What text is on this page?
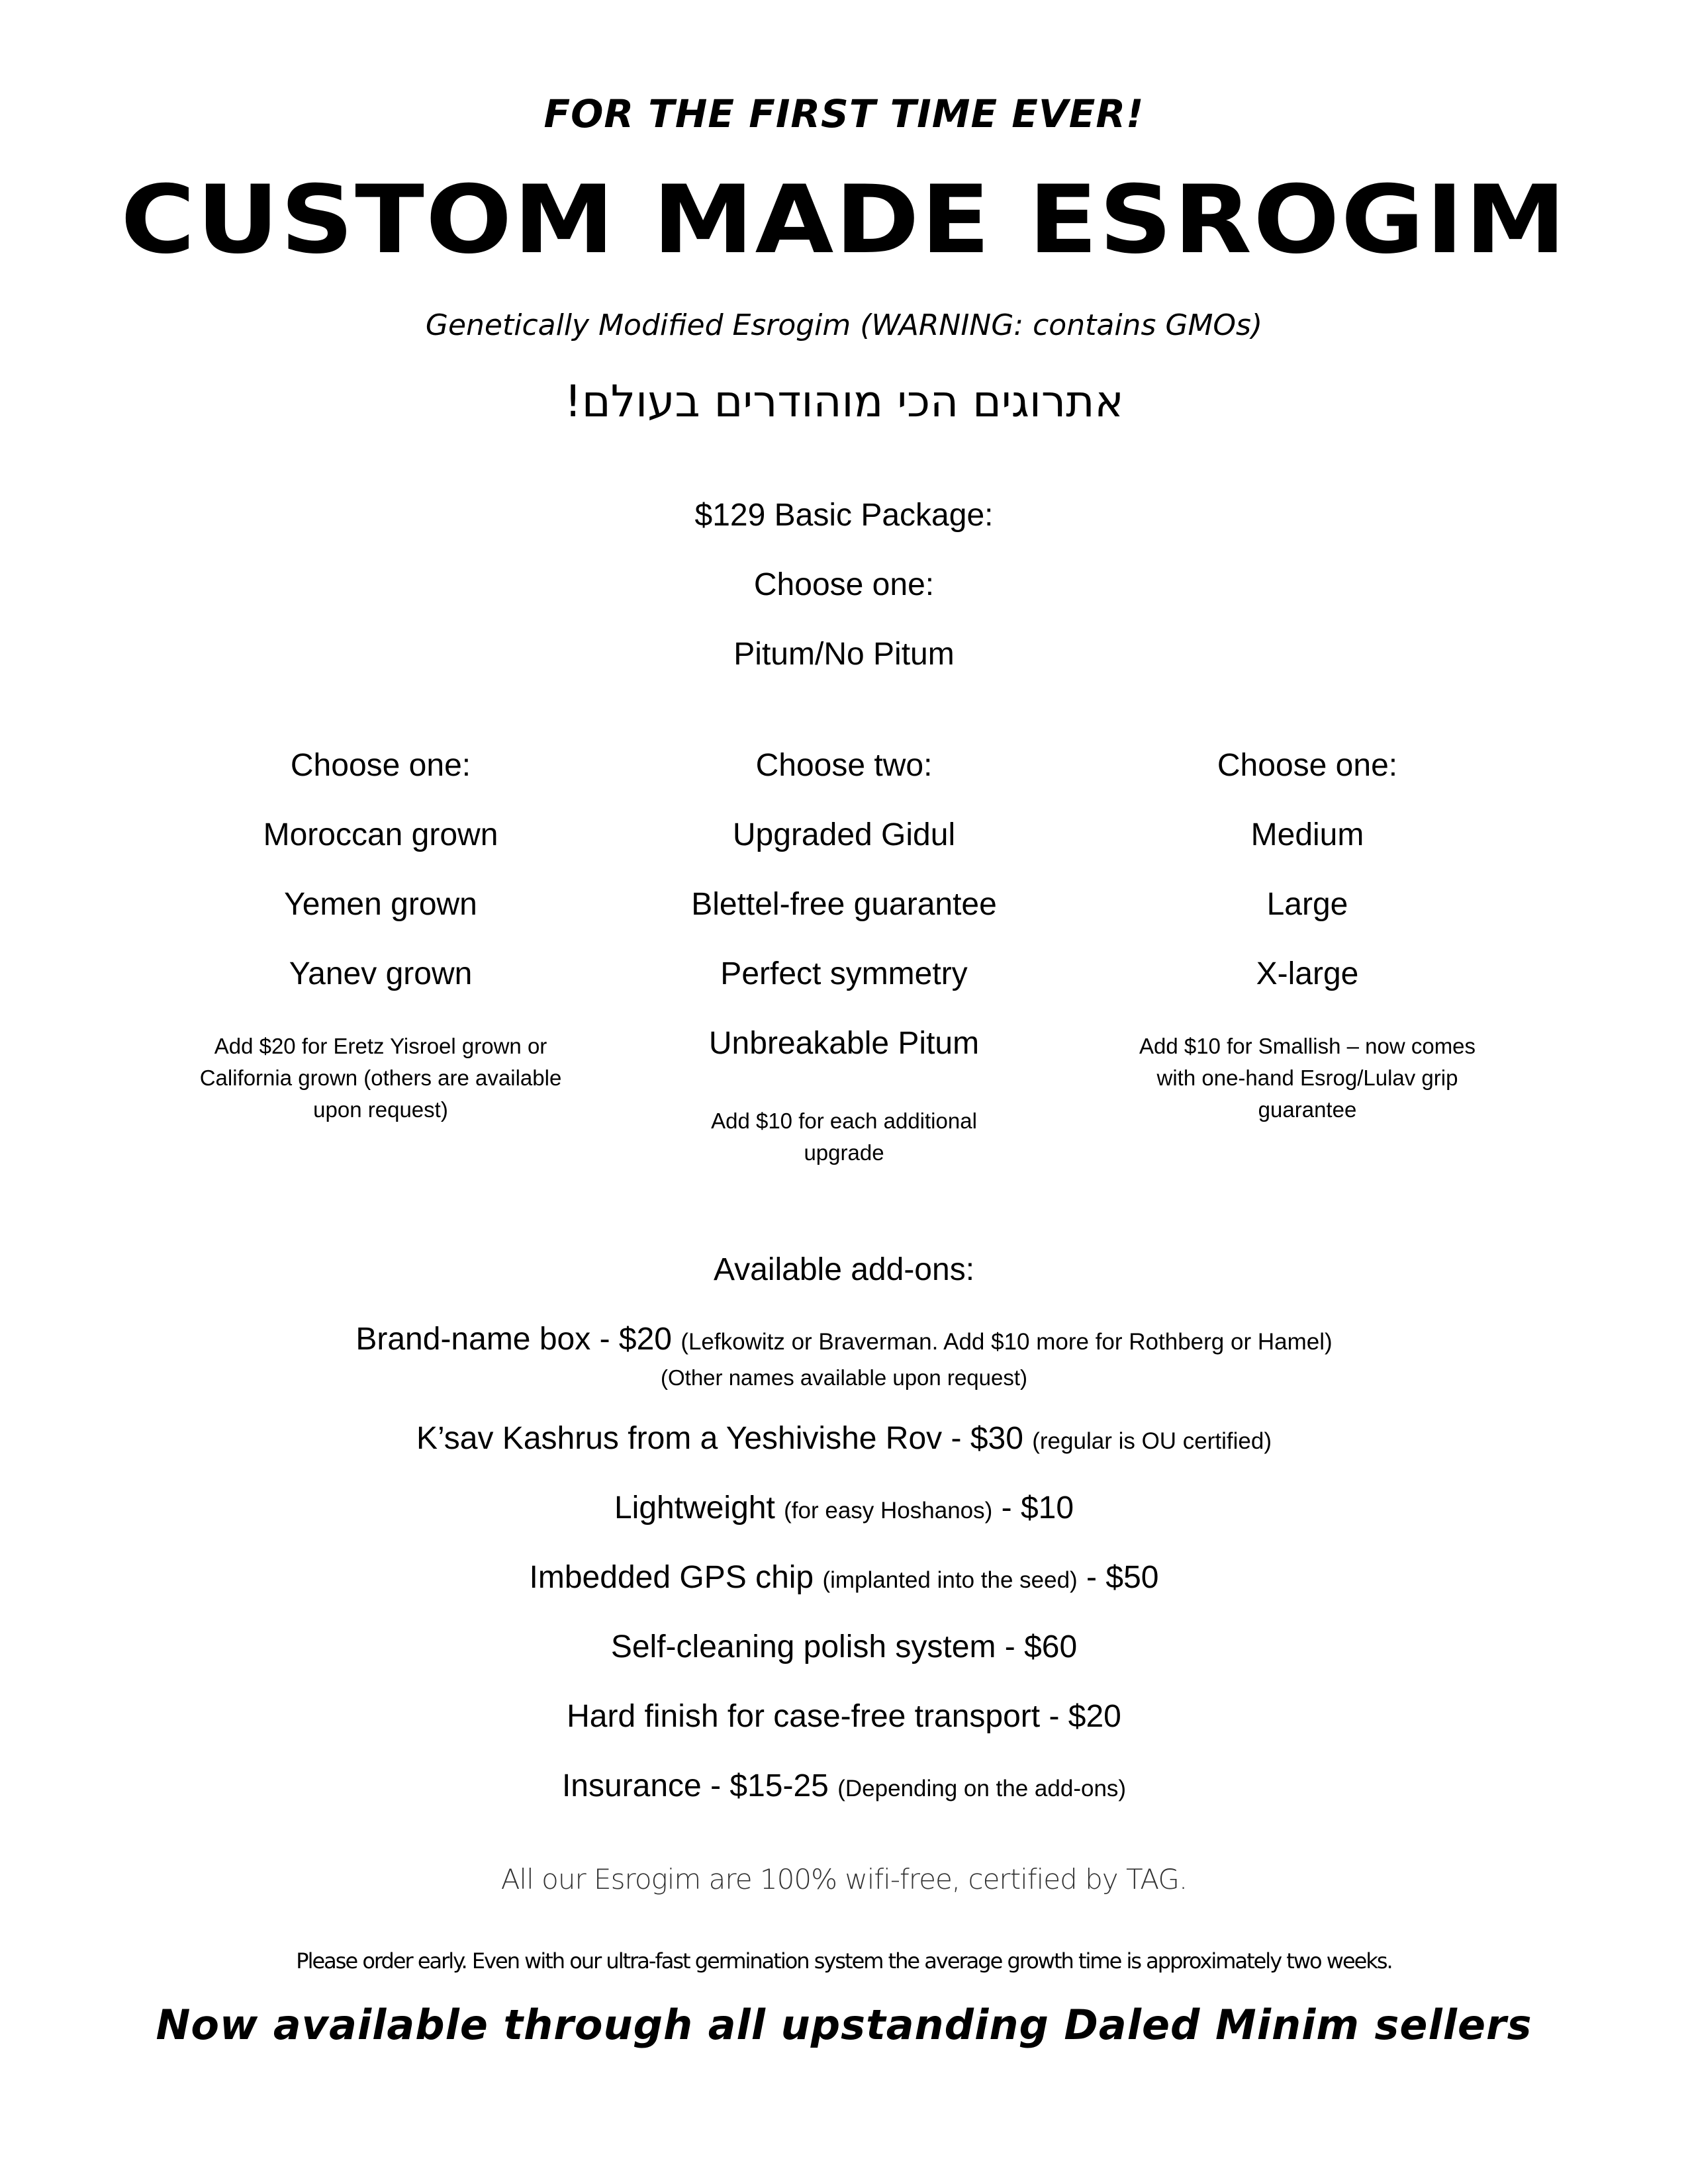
FOR THE FIRST TIME EVER!
CUSTOM MADE ESROGIM
Genetically Modified Esrogim (WARNING: contains GMOs)
אתרוגים הכי מוהודרים בעולם!
$129 Basic Package:
Choose one:
Pitum/No Pitum
Choose one:
Moroccan grown
Yemen grown
Yanev grown
Add $20 for Eretz Yisroel grown or California grown (others are available upon request)
Choose two:
Upgraded Gidul
Blettel-free guarantee
Perfect symmetry
Unbreakable Pitum
Add $10 for each additional upgrade
Choose one:
Medium
Large
X-large
Add $10 for Smallish – now comes with one-hand Esrog/Lulav grip guarantee
Available add-ons:
Brand-name box - $20 (Lefkowitz or Braverman. Add $10 more for Rothberg or Hamel)
(Other names available upon request)
K’sav Kashrus from a Yeshivishe Rov - $30 (regular is OU certified)
Lightweight (for easy Hoshanos) - $10
Imbedded GPS chip (implanted into the seed) - $50
Self-cleaning polish system - $60
Hard finish for case-free transport - $20
Insurance - $15-25 (Depending on the add-ons)
All our Esrogim are 100% wifi-free, certified by TAG.
Please order early. Even with our ultra-fast germination system the average growth time is approximately two weeks.
Now available through all upstanding Daled Minim sellers
